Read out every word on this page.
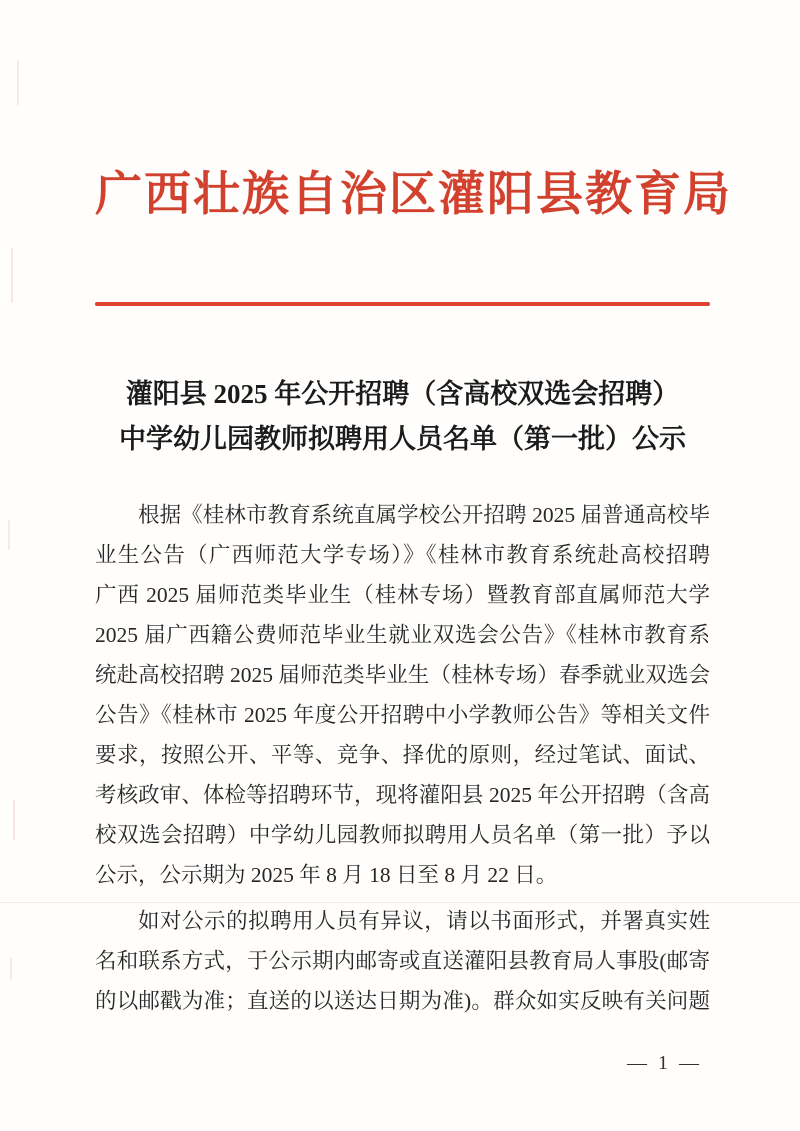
广西壮族自治区灌阳县教育局
灌阳县 2025 年公开招聘（含高校双选会招聘）
中学幼儿园教师拟聘用人员名单（第一批）公示
根据《桂林市教育系统直属学校公开招聘 2025 届普通高校毕
业生公告（广西师范大学专场）》《桂林市教育系统赴高校招聘
广西 2025 届师范类毕业生（桂林专场）暨教育部直属师范大学
2025 届广西籍公费师范毕业生就业双选会公告》《桂林市教育系
统赴高校招聘 2025 届师范类毕业生（桂林专场）春季就业双选会
公告》《桂林市 2025 年度公开招聘中小学教师公告》等相关文件
要求，按照公开、平等、竞争、择优的原则，经过笔试、面试、
考核政审、体检等招聘环节，现将灌阳县 2025 年公开招聘（含高
校双选会招聘）中学幼儿园教师拟聘用人员名单（第一批）予以
公示，公示期为 2025 年 8 月 18 日至 8 月 22 日。
如对公示的拟聘用人员有异议，请以书面形式，并署真实姓
名和联系方式，于公示期内邮寄或直送灌阳县教育局人事股(邮寄
的以邮戳为准；直送的以送达日期为准)。群众如实反映有关问题
— 1 —
